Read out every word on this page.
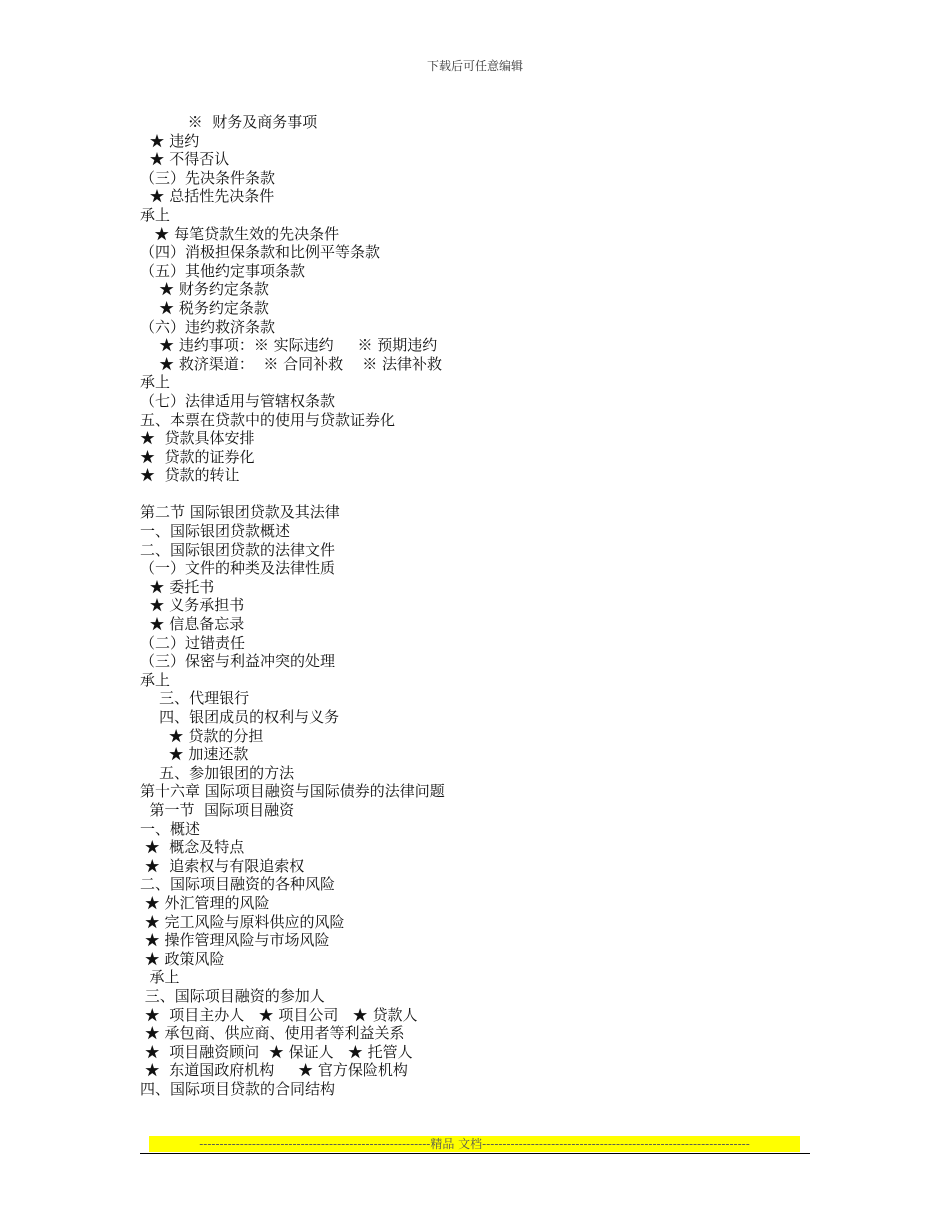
下载后可任意编辑
※  财务及商务事项
★ 违约
★ 不得否认
（三）先决条件条款
★ 总括性先决条件
承上
★ 每笔贷款生效的先决条件
（四）消极担保条款和比例平等条款
（五）其他约定事项条款
★ 财务约定条款
★ 税务约定条款
（六）违约救济条款
★ 违约事项：※ 实际违约     ※ 预期违约
★ 救济渠道：  ※ 合同补救    ※ 法律补救
承上
（七）法律适用与管辖权条款
五、本票在贷款中的使用与贷款证券化
★  贷款具体安排
★  贷款的证券化
★  贷款的转让
第二节 国际银团贷款及其法律
一、国际银团贷款概述
二、国际银团贷款的法律文件
（一）文件的种类及法律性质
★ 委托书
★ 义务承担书
★ 信息备忘录
（二）过错责任
（三）保密与利益冲突的处理
承上
三、代理银行
四、银团成员的权利与义务
★ 贷款的分担
★ 加速还款
五、参加银团的方法
第十六章 国际项目融资与国际债券的法律问题
第一节  国际项目融资
一、概述
★  概念及特点
★  追索权与有限追索权
二、国际项目融资的各种风险
★ 外汇管理的风险
★ 完工风险与原料供应的风险
★ 操作管理风险与市场风险
★ 政策风险
承上
三、国际项目融资的参加人
★  项目主办人   ★ 项目公司   ★ 贷款人
★ 承包商、供应商、使用者等利益关系
★  项目融资顾问  ★ 保证人   ★ 托管人
★  东道国政府机构     ★ 官方保险机构
四、国际项目贷款的合同结构
---------------------------------------------------------精品 文档------------------------------------------------------------------
